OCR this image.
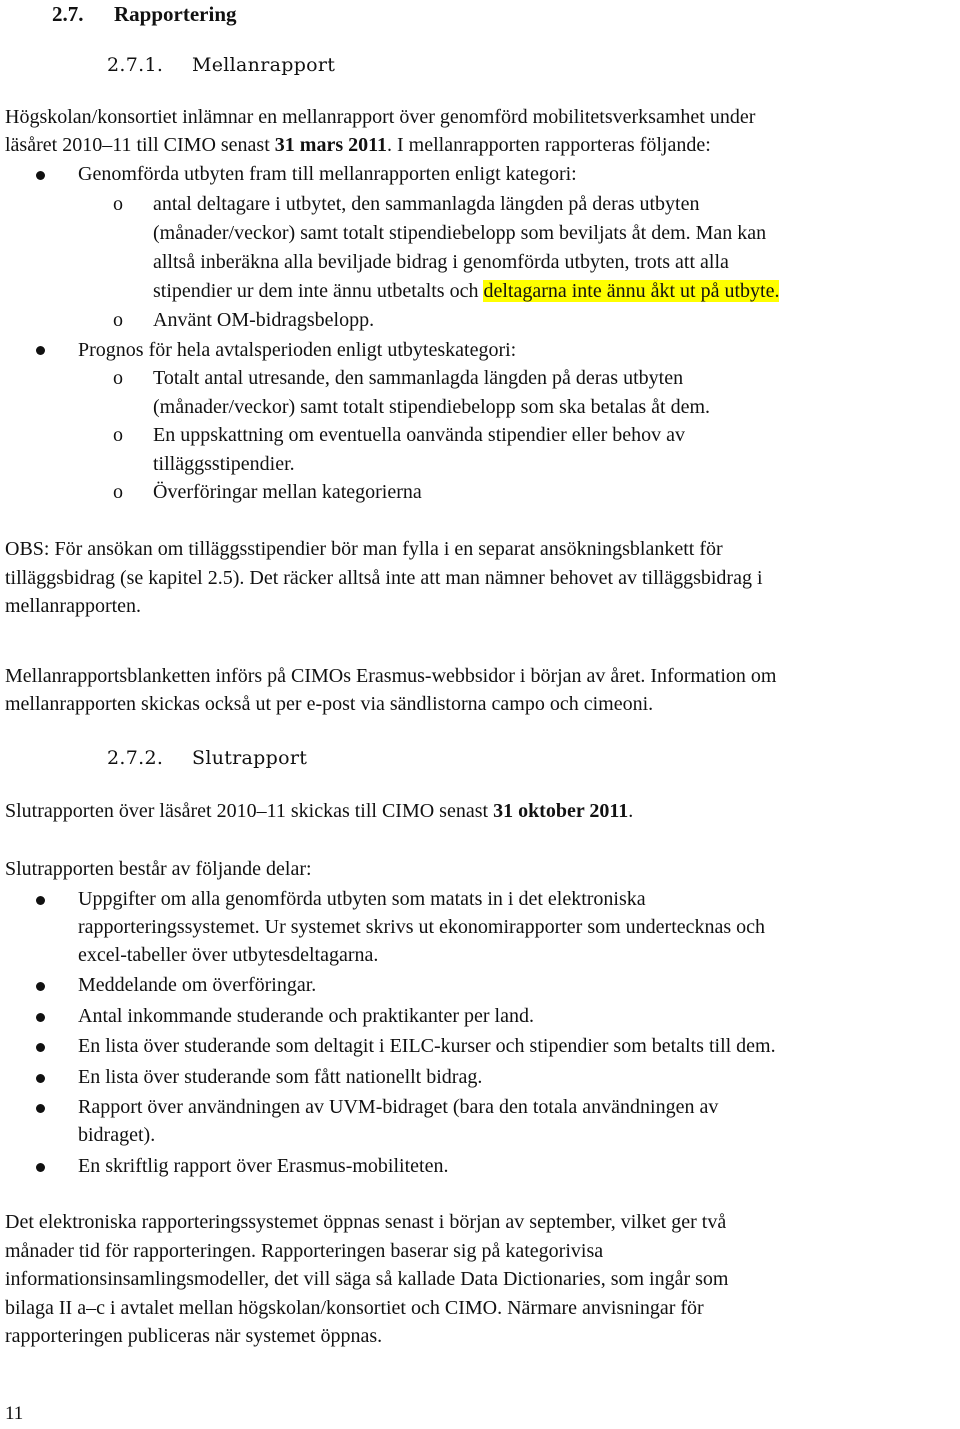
2.7. Rapportering
2.7.1. Mellanrapport
Högskolan/konsortiet inlämnar en mellanrapport över genomförd mobilitetsverksamhet under
läsåret 2010–11 till CIMO senast 31 mars 2011. I mellanrapporten rapporteras följande:
Genomförda utbyten fram till mellanrapporten enligt kategori:
o antal deltagare i utbytet, den sammanlagda längden på deras utbyten
(månader/veckor) samt totalt stipendiebelopp som beviljats åt dem. Man kan
alltså inberäkna alla beviljade bidrag i genomförda utbyten, trots att alla
stipendier ur dem inte ännu utbetalts och deltagarna inte ännu åkt ut på utbyte.
o Använt OM-bidragsbelopp.
Prognos för hela avtalsperioden enligt utbyteskategori:
o Totalt antal utresande, den sammanlagda längden på deras utbyten
(månader/veckor) samt totalt stipendiebelopp som ska betalas åt dem.
o En uppskattning om eventuella oanvända stipendier eller behov av
tilläggsstipendier.
o Överföringar mellan kategorierna
OBS: För ansökan om tilläggsstipendier bör man fylla i en separat ansökningsblankett för
tilläggsbidrag (se kapitel 2.5). Det räcker alltså inte att man nämner behovet av tilläggsbidrag i
mellanrapporten.
Mellanrapportsblanketten införs på CIMOs Erasmus-webbsidor i början av året. Information om
mellanrapporten skickas också ut per e-post via sändlistorna campo och cimeoni.
2.7.2. Slutrapport
Slutrapporten över läsåret 2010–11 skickas till CIMO senast 31 oktober 2011.
Slutrapporten består av följande delar:
Uppgifter om alla genomförda utbyten som matats in i det elektroniska
rapporteringssystemet. Ur systemet skrivs ut ekonomirapporter som undertecknas och
excel-tabeller över utbytesdeltagarna.
Meddelande om överföringar.
Antal inkommande studerande och praktikanter per land.
En lista över studerande som deltagit i EILC-kurser och stipendier som betalts till dem.
En lista över studerande som fått nationellt bidrag.
Rapport över användningen av UVM-bidraget (bara den totala användningen av
bidraget).
En skriftlig rapport över Erasmus-mobiliteten.
Det elektroniska rapporteringssystemet öppnas senast i början av september, vilket ger två
månader tid för rapporteringen. Rapporteringen baserar sig på kategorivisa
informationsinsamlingsmodeller, det vill säga så kallade Data Dictionaries, som ingår som
bilaga II a–c i avtalet mellan högskolan/konsortiet och CIMO. Närmare anvisningar för
rapporteringen publiceras när systemet öppnas.
11
